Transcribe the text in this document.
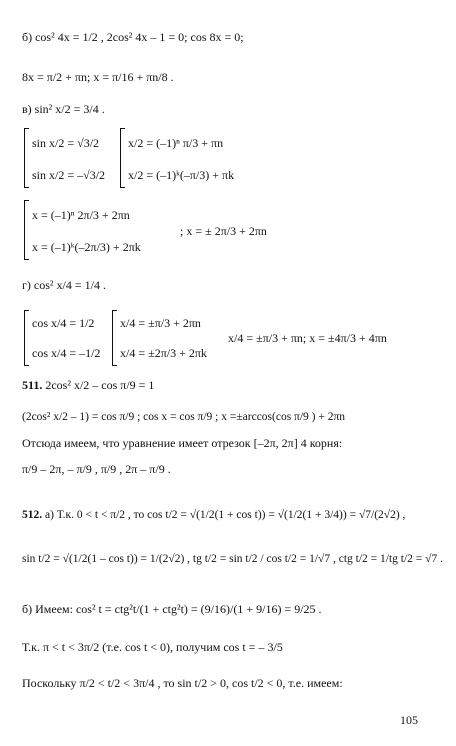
б) cos² 4x = 1/2 , 2cos² 4x – 1 = 0; cos 8x = 0;
8x = π/2 + πn; x = π/16 + πn/8 .
в) sin² x/2 = 3/4 .
sin x/2 = √3/2
sin x/2 = –√3/2
x/2 = (–1)ⁿ π/3 + πn
x/2 = (–1)ᵏ(–π/3) + πk
x = (–1)ⁿ 2π/3 + 2πn
x = (–1)ᵏ(–2π/3) + 2πk
; x = ± 2π/3 + 2πn
г) cos² x/4 = 1/4 .
cos x/4 = 1/2
cos x/4 = –1/2
x/4 = ±π/3 + 2πn
x/4 = ±2π/3 + 2πk
x/4 = ±π/3 + πn; x = ±4π/3 + 4πn
511. 2cos² x/2 – cos π/9 = 1
(2cos² x/2 – 1) = cos π/9 ; cos x = cos π/9 ; x =±arccos(cos π/9 ) + 2πn
Отсюда имеем, что уравнение имеет отрезок [–2π, 2π] 4 корня:
π/9 – 2π, – π/9 , π/9 , 2π – π/9 .
512. а) Т.к. 0 < t < π/2 , то cos t/2 = √(1/2(1 + cos t)) = √(1/2(1 + 3/4)) = √7/(2√2) ,
sin t/2 = √(1/2(1 – cos t)) = 1/(2√2) , tg t/2 = sin t/2 / cos t/2 = 1/√7 , ctg t/2 = 1/tg t/2 = √7 .
б) Имеем: cos² t = ctg²t/(1 + ctg²t) = (9/16)/(1 + 9/16) = 9/25 .
Т.к. π < t < 3π/2 (т.е. cos t < 0), получим cos t = – 3/5
Поскольку π/2 < t/2 < 3π/4 , то sin t/2 > 0, cos t/2 < 0, т.е. имеем:
105
